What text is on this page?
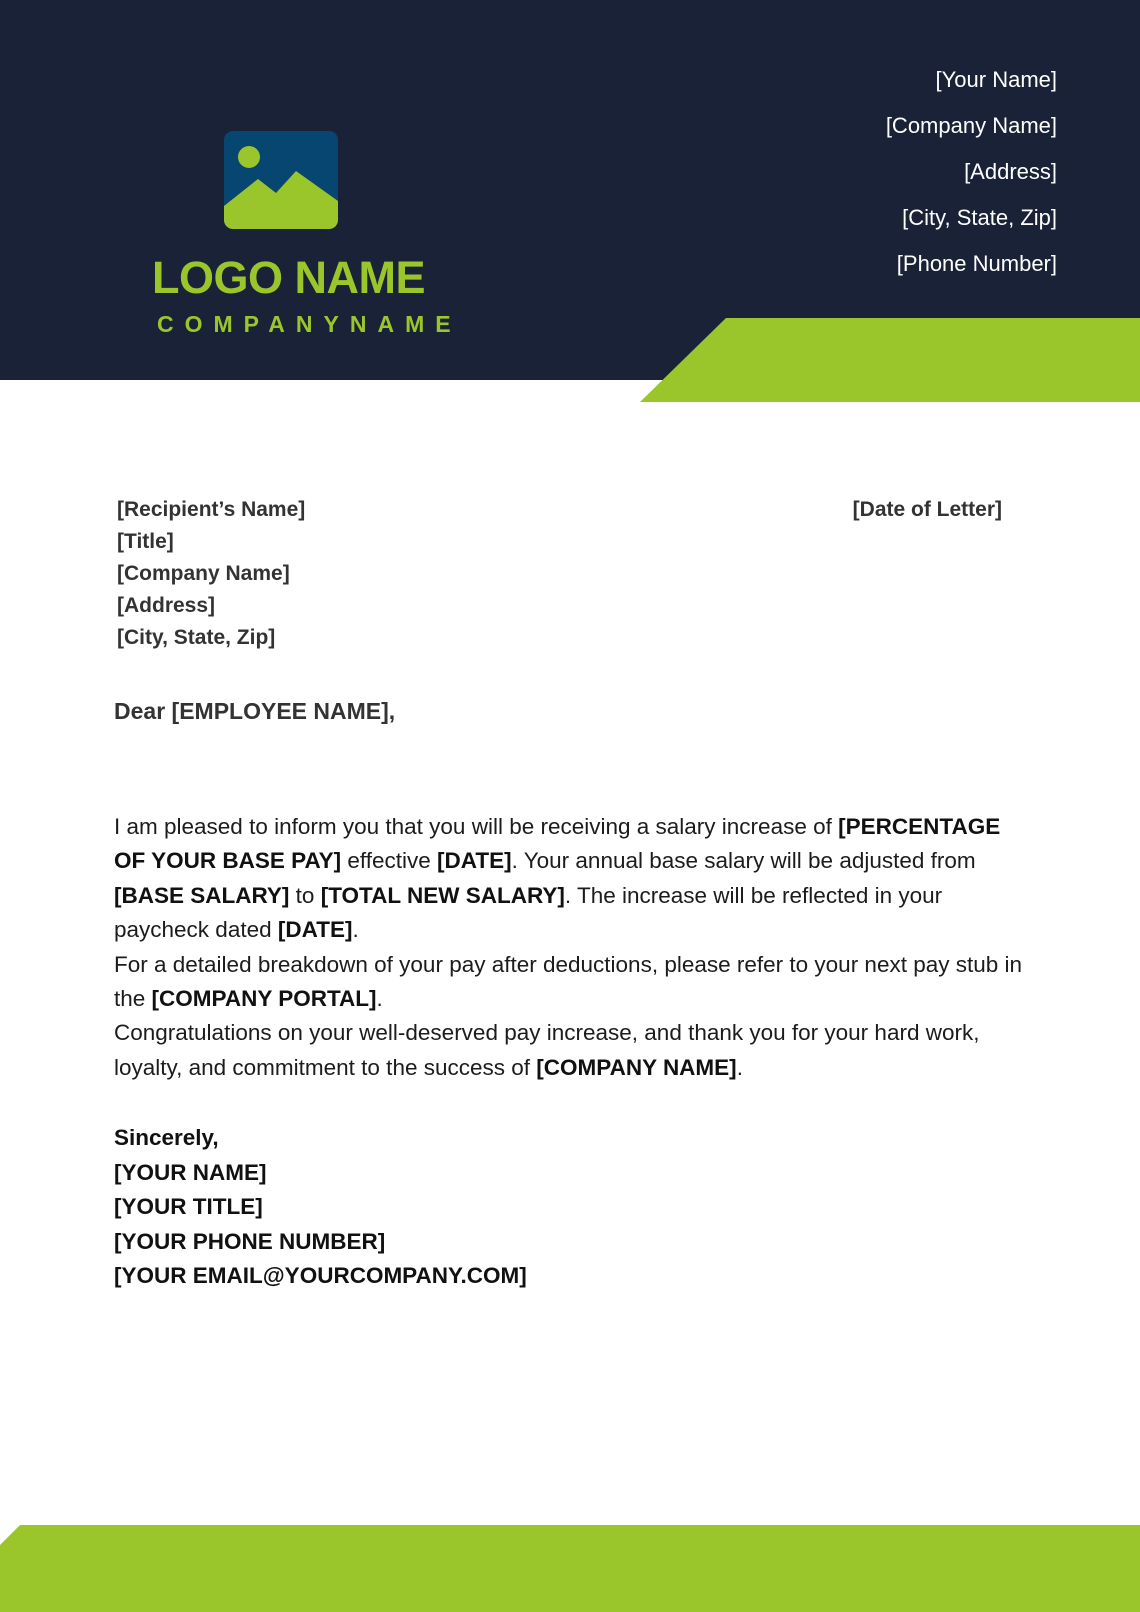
LOGO NAME
COMPANYNAME
[Your Name]
[Company Name]
[Address]
[City, State, Zip]
[Phone Number]
[Recipient’s Name]
[Title]
[Company Name]
[Address]
[City, State, Zip]
[Date of Letter]
Dear [EMPLOYEE NAME],

I am pleased to inform you that you will be receiving a salary increase of [PERCENTAGE OF YOUR BASE PAY] effective [DATE]. Your annual base salary will be adjusted from [BASE SALARY] to [TOTAL NEW SALARY]. The increase will be reflected in your paycheck dated [DATE].

For a detailed breakdown of your pay after deductions, please refer to your next pay stub in the [COMPANY PORTAL].

Congratulations on your well-deserved pay increase, and thank you for your hard work, loyalty, and commitment to the success of [COMPANY NAME].

Sincerely,
[YOUR NAME]
[YOUR TITLE]
[YOUR PHONE NUMBER]
[YOUR EMAIL@YOURCOMPANY.COM]
